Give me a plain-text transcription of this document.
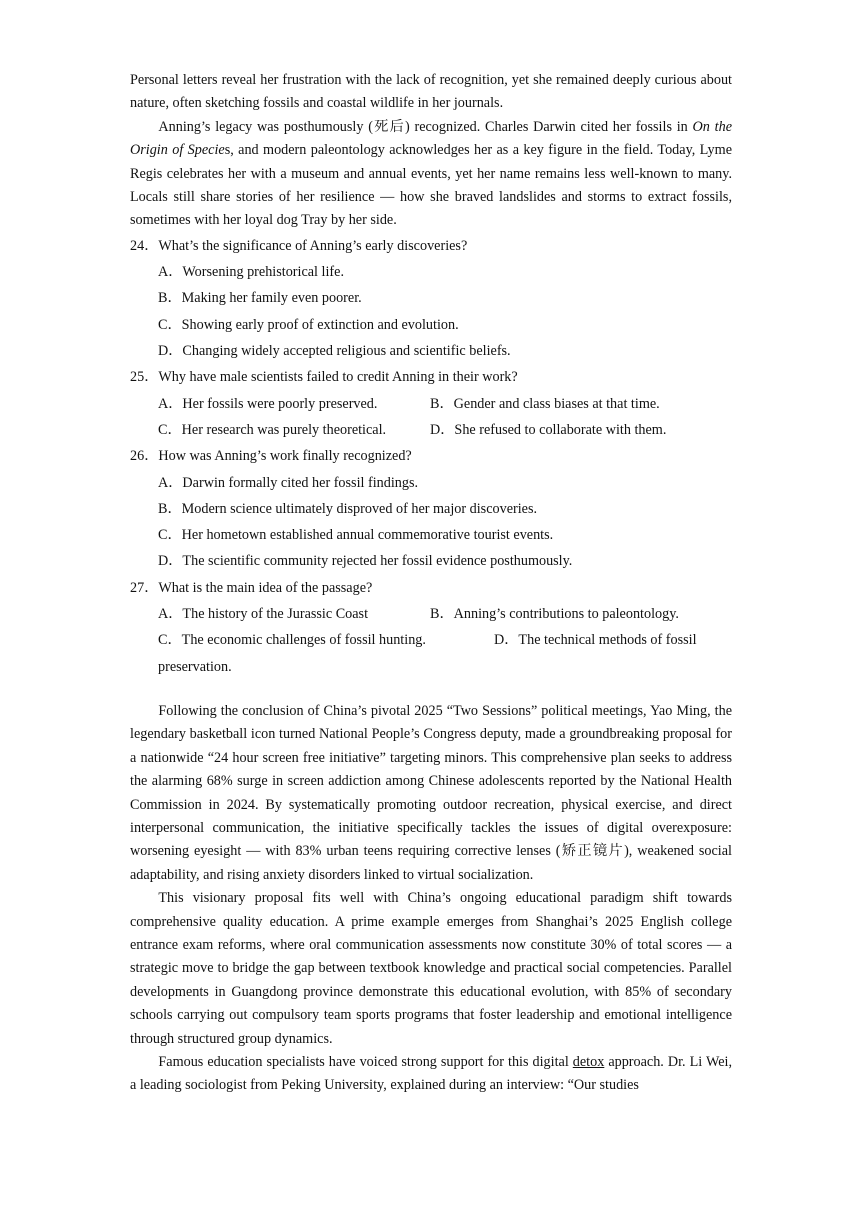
Personal letters reveal her frustration with the lack of recognition, yet she remained deeply curious about nature, often sketching fossils and coastal wildlife in her journals.

Anning’s legacy was posthumously (死后) recognized. Charles Darwin cited her fossils in On the Origin of Species, and modern paleontology acknowledges her as a key figure in the field. Today, Lyme Regis celebrates her with a museum and annual events, yet her name remains less well-known to many. Locals still share stories of her resilience — how she braved landslides and storms to extract fossils, sometimes with her loyal dog Tray by her side.

24．What’s the significance of Anning’s early discoveries?
A．Worsening prehistorical life.
B．Making her family even poorer.
C．Showing early proof of extinction and evolution.
D．Changing widely accepted religious and scientific beliefs.
25．Why have male scientists failed to credit Anning in their work?
A．Her fossils were poorly preserved.	B．Gender and class biases at that time.
C．Her research was purely theoretical.	D．She refused to collaborate with them.
26．How was Anning’s work finally recognized?
A．Darwin formally cited her fossil findings.
B．Modern science ultimately disproved of her major discoveries.
C．Her hometown established annual commemorative tourist events.
D．The scientific community rejected her fossil evidence posthumously.
27．What is the main idea of the passage?
A．The history of the Jurassic Coast	B．Anning’s contributions to paleontology.
C．The economic challenges of fossil hunting.	D．The technical methods of fossil
preservation.

Following the conclusion of China’s pivotal 2025 “Two Sessions” political meetings, Yao Ming, the legendary basketball icon turned National People’s Congress deputy, made a groundbreaking proposal for a nationwide “24 hour screen free initiative” targeting minors. This comprehensive plan seeks to address the alarming 68% surge in screen addiction among Chinese adolescents reported by the National Health Commission in 2024. By systematically promoting outdoor recreation, physical exercise, and direct interpersonal communication, the initiative specifically tackles the issues of digital overexposure: worsening eyesight — with 83% urban teens requiring corrective lenses (矫正镜片), weakened social adaptability, and rising anxiety disorders linked to virtual socialization.

This visionary proposal fits well with China’s ongoing educational paradigm shift towards comprehensive quality education. A prime example emerges from Shanghai’s 2025 English college entrance exam reforms, where oral communication assessments now constitute 30% of total scores — a strategic move to bridge the gap between textbook knowledge and practical social competencies. Parallel developments in Guangdong province demonstrate this educational evolution, with 85% of secondary schools carrying out compulsory team sports programs that foster leadership and emotional intelligence through structured group dynamics.

Famous education specialists have voiced strong support for this digital detox approach. Dr. Li Wei, a leading sociologist from Peking University, explained during an interview: “Our studies
